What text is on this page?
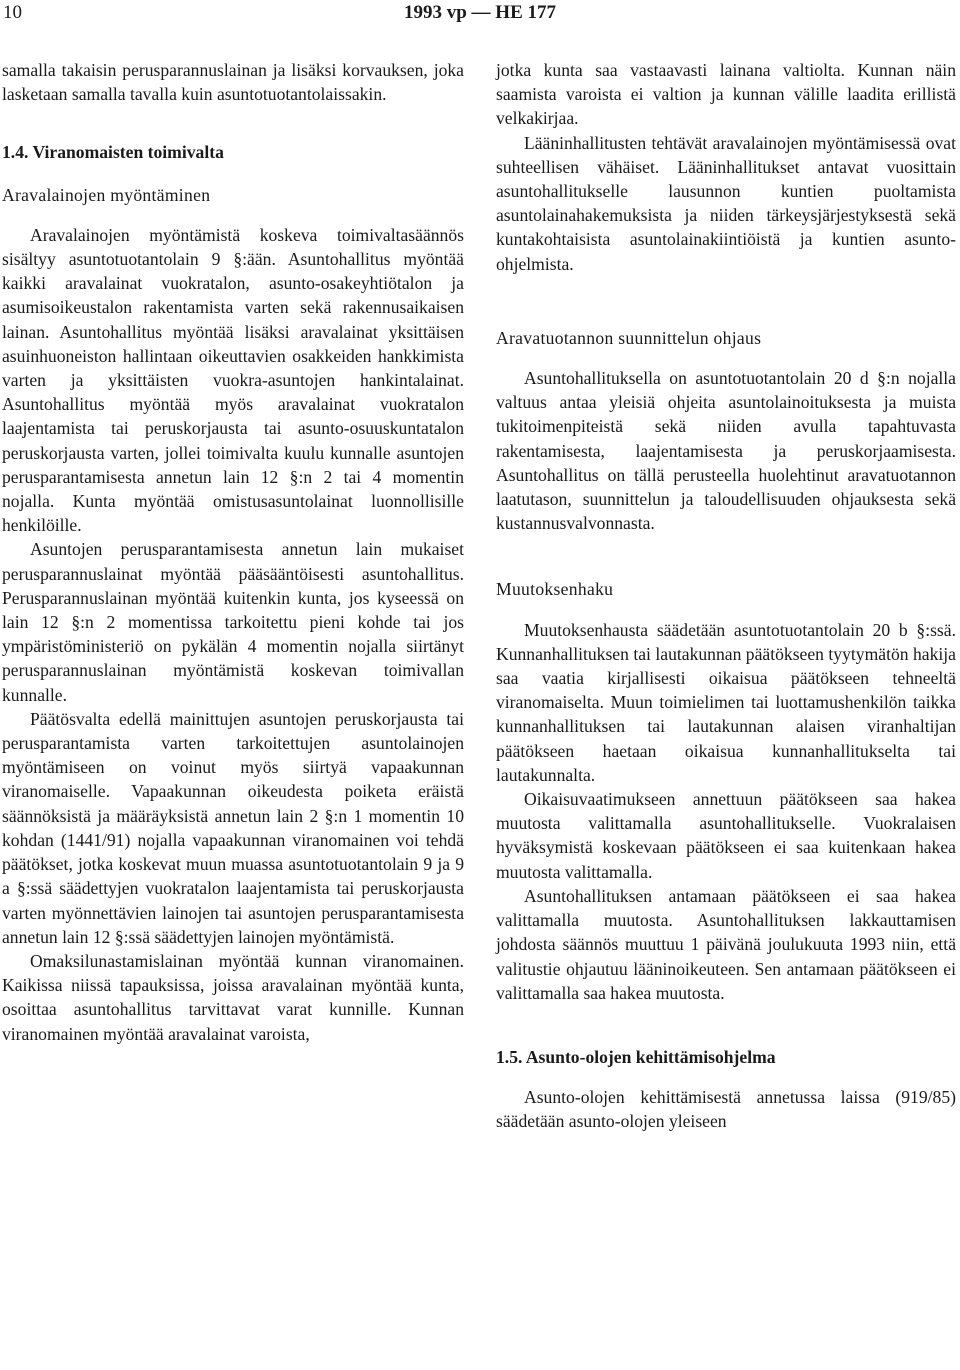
10	1993 vp — HE 177

samalla takaisin perusparannuslainan ja lisäksi korvauksen, joka lasketaan samalla tavalla kuin asuntotuotantolaissakin.

1.4. Viranomaisten toimivalta

Aravalainojen myöntäminen

Aravalainojen myöntämistä koskeva toimivaltasäännös sisältyy asuntotuotantolain 9 §:ään. Asuntohallitus myöntää kaikki aravalainat vuokratalon, asunto-osakeyhtiötalon ja asumisoikeustalon rakentamista varten sekä rakennusaikaisen lainan. Asuntohallitus myöntää lisäksi aravalainat yksittäisen asuinhuoneiston hallintaan oikeuttavien osakkeiden hankkimista varten ja yksittäisten vuokra-asuntojen hankintalainat. Asuntohallitus myöntää myös aravalainat vuokratalon laajentamista tai peruskorjausta tai asunto-osuuskuntatalon peruskorjausta varten, jollei toimivalta kuulu kunnalle asuntojen perusparantamisesta annetun lain 12 §:n 2 tai 4 momentin nojalla. Kunta myöntää omistusasuntolainat luonnollisille henkilöille.

Asuntojen perusparantamisesta annetun lain mukaiset perusparannuslainat myöntää pääsääntöisesti asuntohallitus. Perusparannuslainan myöntää kuitenkin kunta, jos kyseessä on lain 12 §:n 2 momentissa tarkoitettu pieni kohde tai jos ympäristöministeriö on pykälän 4 momentin nojalla siirtänyt perusparannuslainan myöntämistä koskevan toimivallan kunnalle.

Päätösvalta edellä mainittujen asuntojen peruskorjausta tai perusparantamista varten tarkoitettujen asuntolainojen myöntämiseen on voinut myös siirtyä vapaakunnan viranomaiselle. Vapaakunnan oikeudesta poiketa eräistä säännöksistä ja määräyksistä annetun lain 2 §:n 1 momentin 10 kohdan (1441/91) nojalla vapaakunnan viranomainen voi tehdä päätökset, jotka koskevat muun muassa asuntotuotantolain 9 ja 9 a §:ssä säädettyjen vuokratalon laajentamista tai peruskorjausta varten myönnettävien lainojen tai asuntojen perusparantamisesta annetun lain 12 §:ssä säädettyjen lainojen myöntämistä.

Omaksilunastamislainan myöntää kunnan viranomainen. Kaikissa niissä tapauksissa, joissa aravalainan myöntää kunta, osoittaa asuntohallitus tarvittavat varat kunnille. Kunnan viranomainen myöntää aravalainat varoista,

jotka kunta saa vastaavasti lainana valtiolta. Kunnan näin saamista varoista ei valtion ja kunnan välille laadita erillistä velkakirjaa.

Lääninhallitusten tehtävät aravalainojen myöntämisessä ovat suhteellisen vähäiset. Lääninhallitukset antavat vuosittain asuntohallitukselle lausunnon kuntien puoltamista asuntolainahakemuksista ja niiden tärkeysjärjestyksestä sekä kuntakohtaisista asuntolainakiintiöistä ja kuntien asunto-ohjelmista.

Aravatuotannon suunnittelun ohjaus

Asuntohallituksella on asuntotuotantolain 20 d §:n nojalla valtuus antaa yleisiä ohjeita asuntolainoituksesta ja muista tukitoimenpiteistä sekä niiden avulla tapahtuvasta rakentamisesta, laajentamisesta ja peruskorjaamisesta. Asuntohallitus on tällä perusteella huolehtinut aravatuotannon laatutason, suunnittelun ja taloudellisuuden ohjauksesta sekä kustannusvalvonnasta.

Muutoksenhaku

Muutoksenhausta säädetään asuntotuotantolain 20 b §:ssä. Kunnanhallituksen tai lautakunnan päätökseen tyytymätön hakija saa vaatia kirjallisesti oikaisua päätökseen tehneeltä viranomaiselta. Muun toimielimen tai luottamushenkilön taikka kunnanhallituksen tai lautakunnan alaisen viranhaltijan päätökseen haetaan oikaisua kunnanhallitukselta tai lautakunnalta.

Oikaisuvaatimukseen annettuun päätökseen saa hakea muutosta valittamalla asuntohallitukselle. Vuokralaisen hyväksymistä koskevaan päätökseen ei saa kuitenkaan hakea muutosta valittamalla.

Asuntohallituksen antamaan päätökseen ei saa hakea valittamalla muutosta. Asuntohallituksen lakkauttamisen johdosta säännös muuttuu 1 päivänä joulukuuta 1993 niin, että valitustie ohjautuu lääninoikeuteen. Sen antamaan päätökseen ei valittamalla saa hakea muutosta.

1.5. Asunto-olojen kehittämisohjelma

Asunto-olojen kehittämisestä annetussa laissa (919/85) säädetään asunto-olojen yleiseen
